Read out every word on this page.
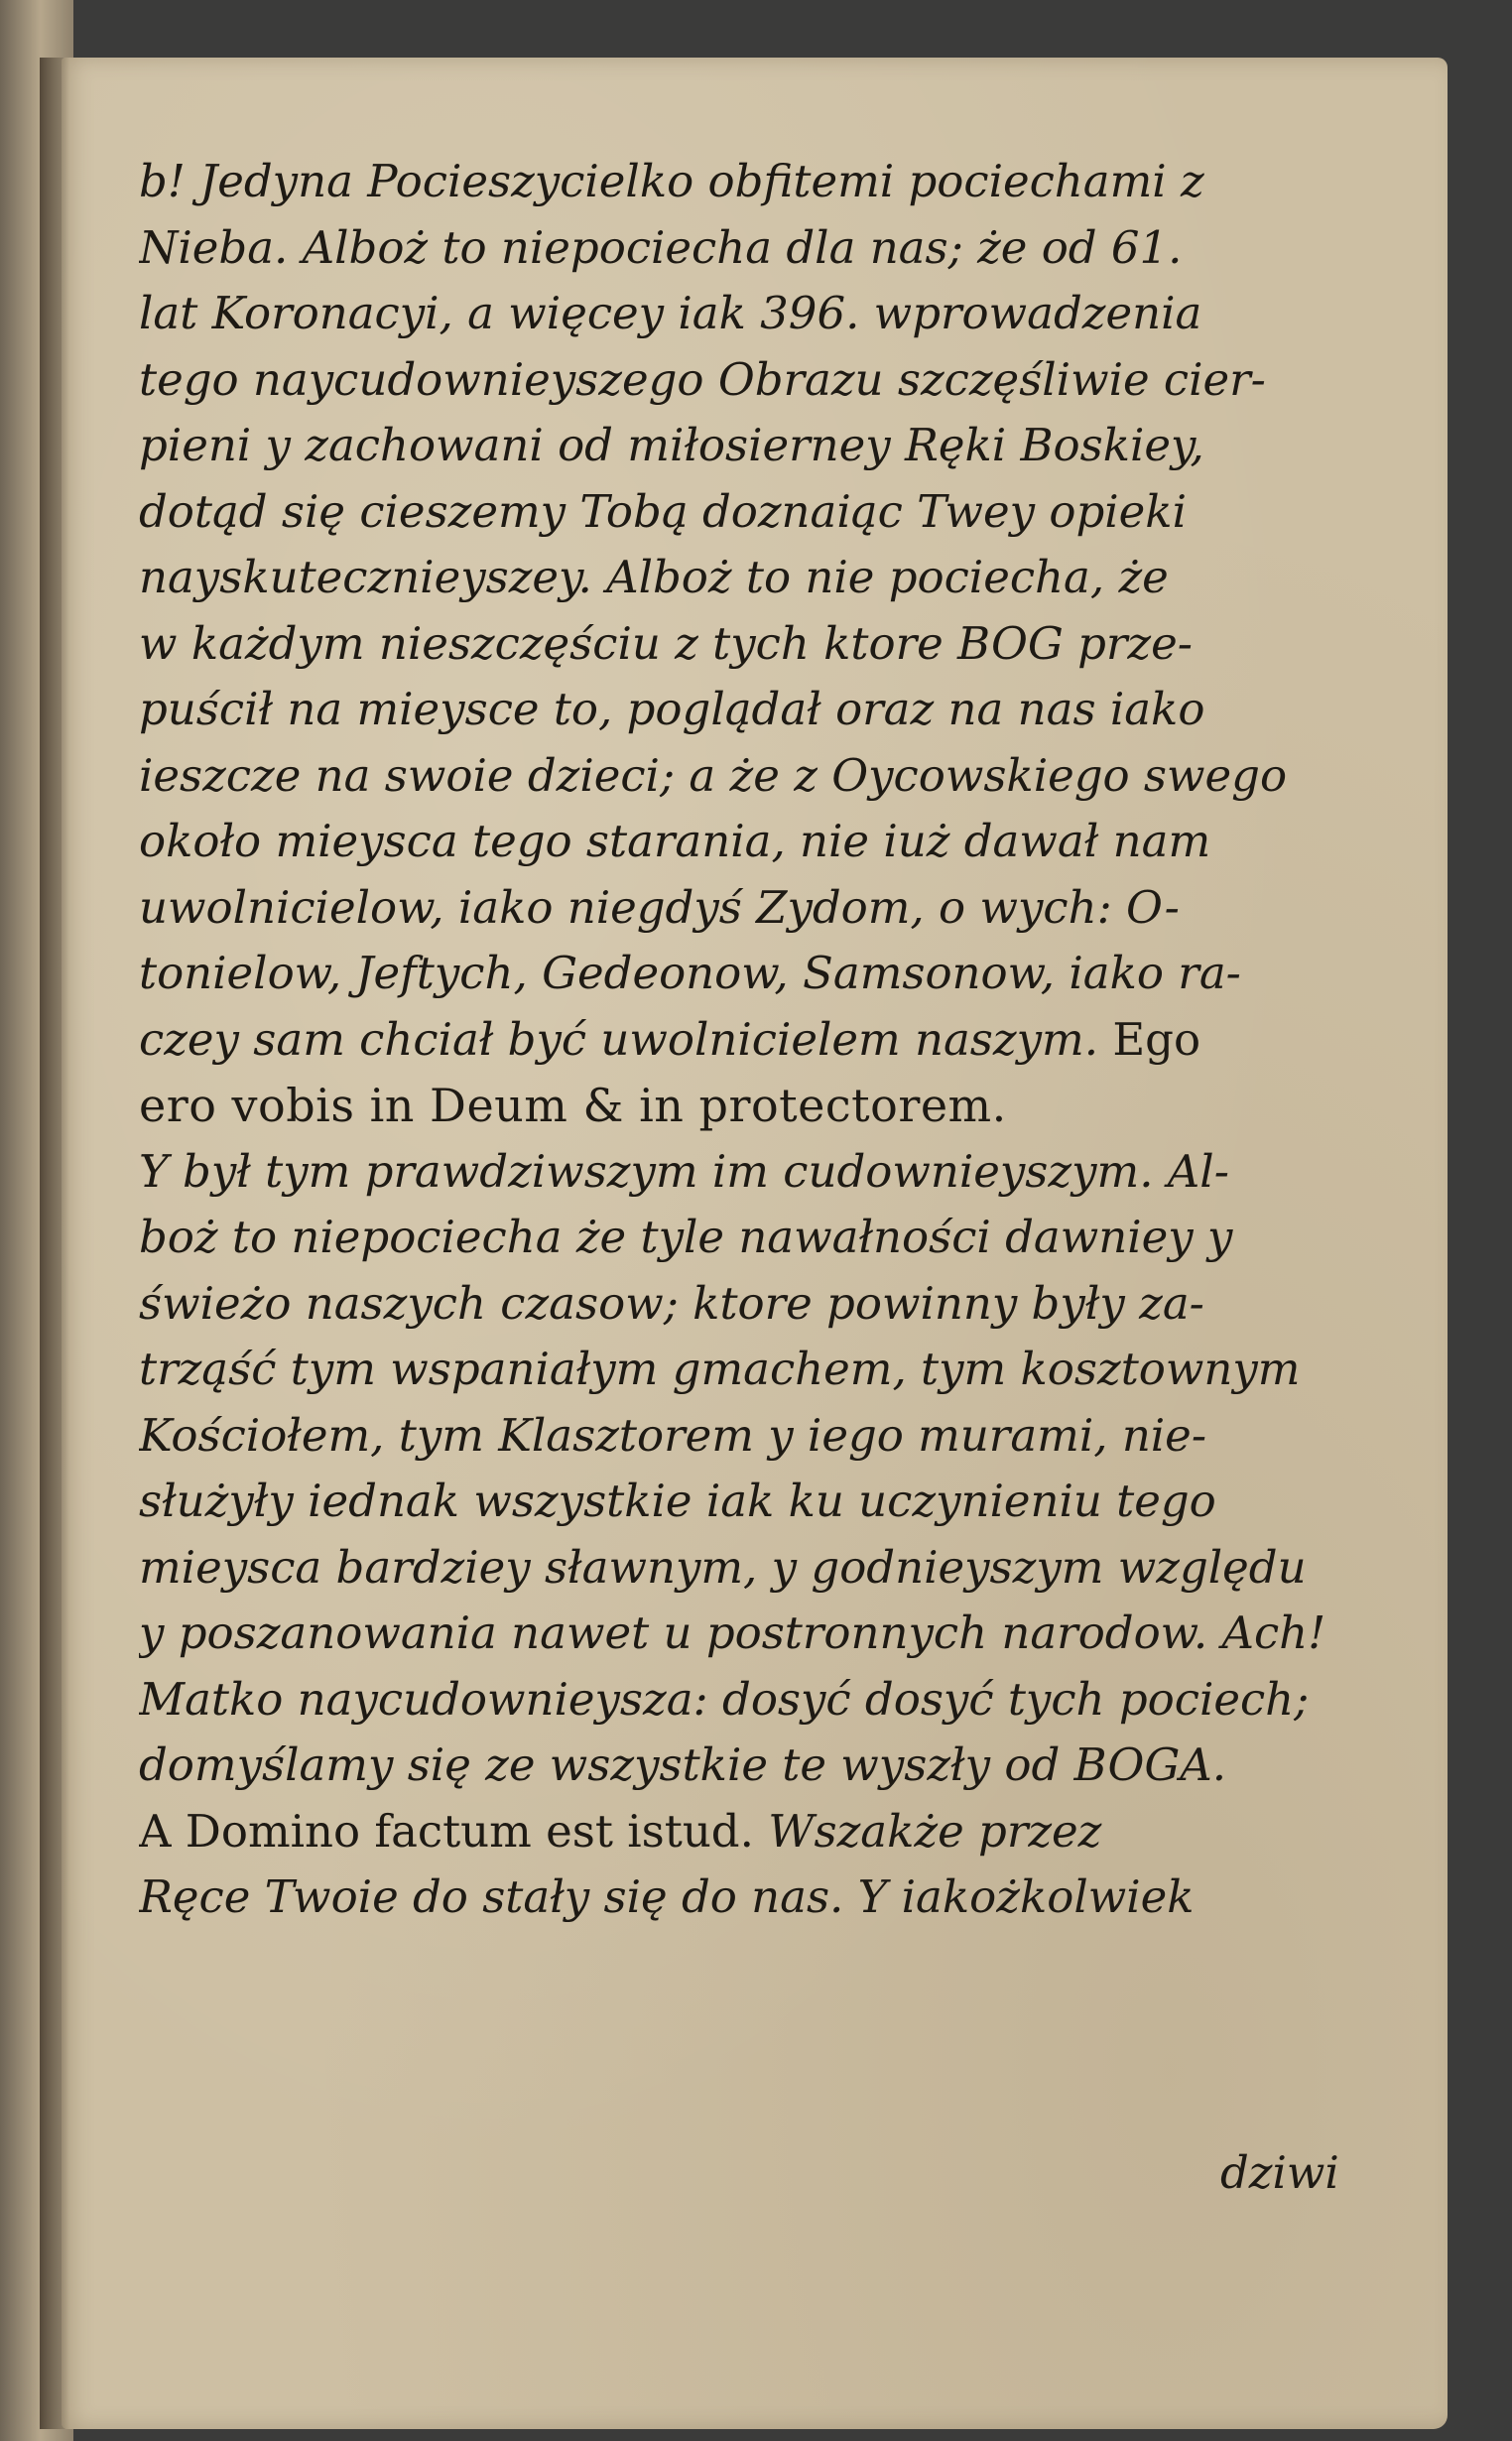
b! Jedyna Pocieszycielko obfitemi pociechami z
Nieba. Alboż to niepociecha dla nas; że od 61.
lat Koronacyi, a więcey iak 396. wprowadzenia
tego naycudownieyszego Obrazu szczęśliwie cier-
pieni y zachowani od miłosierney Ręki Boskiey,
dotąd się cieszemy Tobą doznaiąc Twey opieki
nayskutecznieyszey. Alboż to nie pociecha, że
w każdym nieszczęściu z tych ktore BOG prze-
puścił na mieysce to, poglądał oraz na nas iako
ieszcze na swoie dzieci; a że z Oycowskiego swego
około mieysca tego starania, nie iuż dawał nam
uwolnicielow, iako niegdyś Zydom, o wych: O-
tonielow, Jeftych, Gedeonow, Samsonow, iako ra-
czey sam chciał być uwolnicielem naszym. Ego
ero vobis in Deum & in protectorem.
Y był tym prawdziwszym im cudownieyszym. Al-
boż to niepociecha że tyle nawałności dawniey y
świeżo naszych czasow; ktore powinny były za-
trząść tym wspaniałym gmachem, tym kosztownym
Kościołem, tym Klasztorem y iego murami, nie-
służyły iednak wszystkie iak ku uczynieniu tego
mieysca bardziey sławnym, y godnieyszym względu
y poszanowania nawet u postronnych narodow. Ach!
Matko naycudownieysza: dosyć dosyć tych pociech;
domyślamy się ze wszystkie te wyszły od BOGA.
A Domino factum est istud. Wszakże przez
Ręce Twoie do stały się do nas. Y iakożkolwiek
dziwi
